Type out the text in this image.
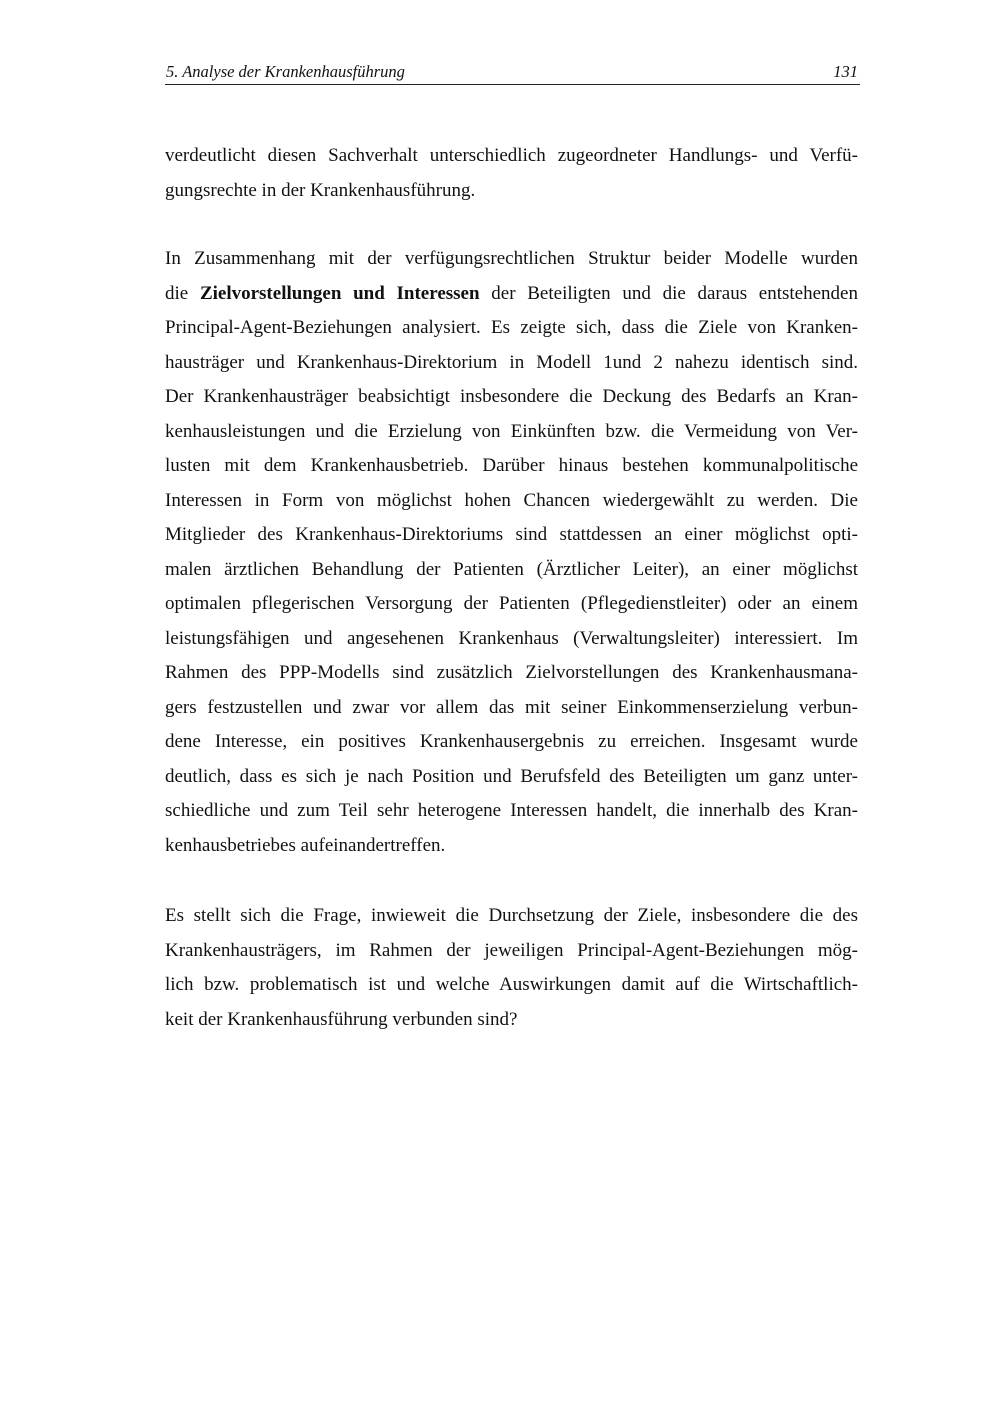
5. Analyse der Krankenhausführung	131
verdeutlicht diesen Sachverhalt unterschiedlich zugeordneter Handlungs- und Verfü-
gungsrechte in der Krankenhausführung.
In Zusammenhang mit der verfügungsrechtlichen Struktur beider Modelle wurden
die Zielvorstellungen und Interessen der Beteiligten und die daraus entstehenden
Principal-Agent-Beziehungen analysiert. Es zeigte sich, dass die Ziele von Kranken-
hausträger und Krankenhaus-Direktorium in Modell 1und 2 nahezu identisch sind.
Der Krankenhausträger beabsichtigt insbesondere die Deckung des Bedarfs an Kran-
kenhausleistungen und die Erzielung von Einkünften bzw. die Vermeidung von Ver-
lusten mit dem Krankenhausbetrieb. Darüber hinaus bestehen kommunalpolitische
Interessen in Form von möglichst hohen Chancen wiedergewählt zu werden. Die
Mitglieder des Krankenhaus-Direktoriums sind stattdessen an einer möglichst opti-
malen ärztlichen Behandlung der Patienten (Ärztlicher Leiter), an einer möglichst
optimalen pflegerischen Versorgung der Patienten (Pflegedienstleiter) oder an einem
leistungsfähigen und angesehenen Krankenhaus (Verwaltungsleiter) interessiert. Im
Rahmen des PPP-Modells sind zusätzlich Zielvorstellungen des Krankenhausmana-
gers festzustellen und zwar vor allem das mit seiner Einkommenserzielung verbun-
dene Interesse, ein positives Krankenhausergebnis zu erreichen. Insgesamt wurde
deutlich, dass es sich je nach Position und Berufsfeld des Beteiligten um ganz unter-
schiedliche und zum Teil sehr heterogene Interessen handelt, die innerhalb des Kran-
kenhausbetriebes aufeinandertreffen.
Es stellt sich die Frage, inwieweit die Durchsetzung der Ziele, insbesondere die des
Krankenhausträgers, im Rahmen der jeweiligen Principal-Agent-Beziehungen mög-
lich bzw. problematisch ist und welche Auswirkungen damit auf die Wirtschaftlich-
keit der Krankenhausführung verbunden sind?
